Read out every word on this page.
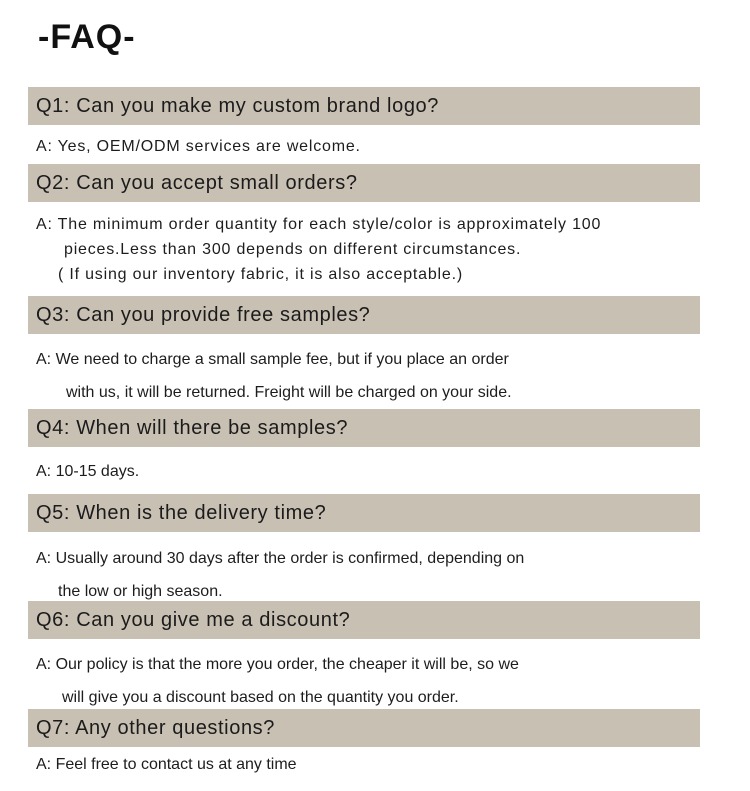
-FAQ-
Q1: Can you make my custom brand logo?
A: Yes, OEM/ODM services are welcome.
Q2: Can you accept small orders?
A: The minimum order quantity for each style/color is approximately 100
pieces.Less than 300 depends on different circumstances.
( If using our inventory fabric, it is also acceptable.)
Q3: Can you provide free samples?
A: We need to charge a small sample fee, but if you place an order
with us, it will be returned. Freight will be charged on your side.
Q4: When will there be samples?
A: 10-15 days.
Q5: When is the delivery time?
A: Usually around 30 days after the order is confirmed, depending on
the low or high season.
Q6: Can you give me a discount?
A: Our policy is that the more you order, the cheaper it will be, so we
will give you a discount based on the quantity you order.
Q7: Any other questions?
A: Feel free to contact us at any time
